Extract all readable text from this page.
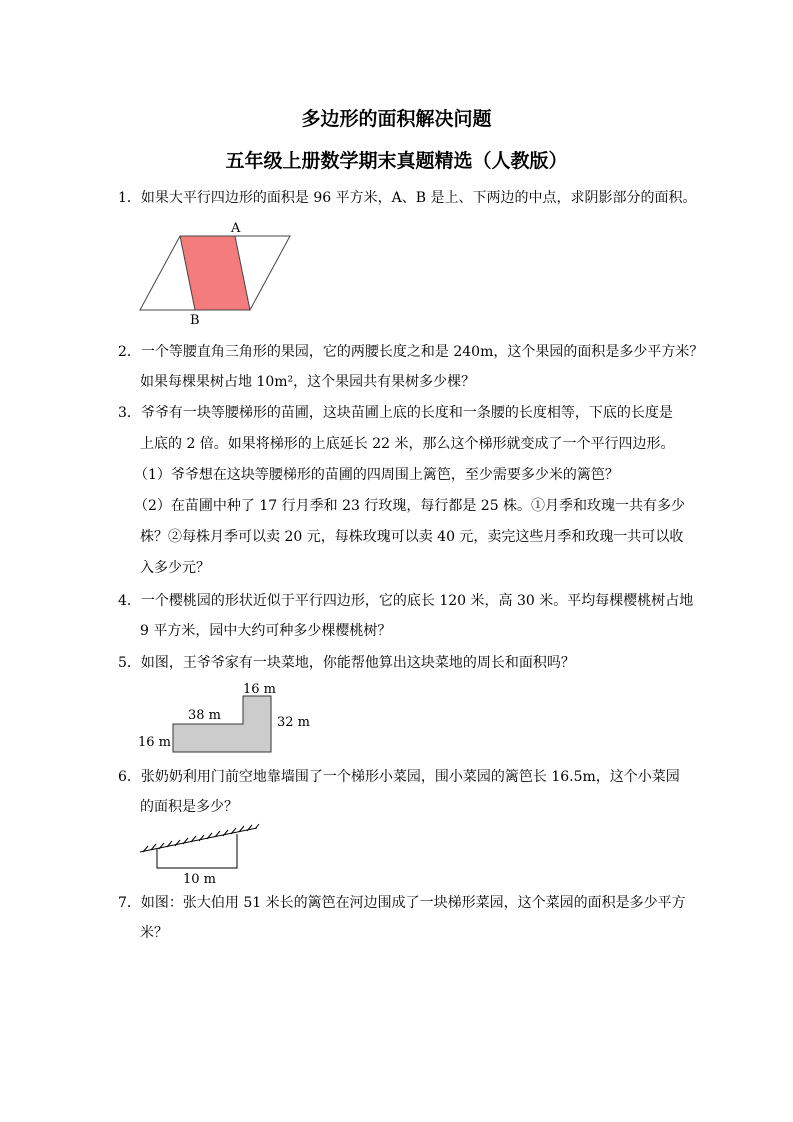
多边形的面积解决问题
五年级上册数学期末真题精选（人教版）
1．如果大平行四边形的面积是 96 平方米，A、B 是上、下两边的中点，求阴影部分的面积。
A
B
2．一个等腰直角三角形的果园，它的两腰长度之和是 240m，这个果园的面积是多少平方米？
如果每棵果树占地 10m²，这个果园共有果树多少棵？
3．爷爷有一块等腰梯形的苗圃，这块苗圃上底的长度和一条腰的长度相等，下底的长度是
上底的 2 倍。如果将梯形的上底延长 22 米，那么这个梯形就变成了一个平行四边形。
（1）爷爷想在这块等腰梯形的苗圃的四周围上篱笆，至少需要多少米的篱笆？
（2）在苗圃中种了 17 行月季和 23 行玫瑰，每行都是 25 株。①月季和玫瑰一共有多少
株？②每株月季可以卖 20 元，每株玫瑰可以卖 40 元，卖完这些月季和玫瑰一共可以收
入多少元？
4．一个樱桃园的形状近似于平行四边形，它的底长 120 米，高 30 米。平均每棵樱桃树占地
9 平方米，园中大约可种多少棵樱桃树？
5．如图，王爷爷家有一块菜地，你能帮他算出这块菜地的周长和面积吗？
16 m
38 m	32 m
16 m
6．张奶奶利用门前空地靠墙围了一个梯形小菜园，围小菜园的篱笆长 16.5m，这个小菜园
的面积是多少？
10 m
7．如图：张大伯用 51 米长的篱笆在河边围成了一块梯形菜园，这个菜园的面积是多少平方
米？
